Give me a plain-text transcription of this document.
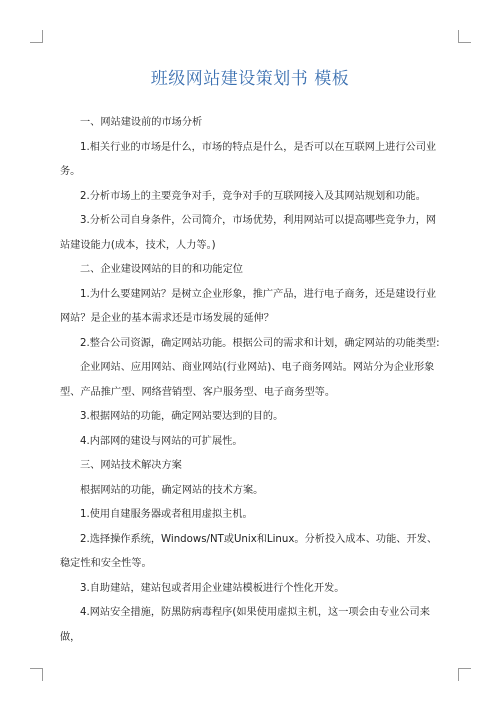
班级网站建设策划书 模板

一、网站建设前的市场分析

1.相关行业的市场是什么，市场的特点是什么，是否可以在互联网上进行公司业

务。

2.分析市场上的主要竞争对手，竞争对手的互联网接入及其网站规划和功能。

3.分析公司自身条件，公司简介，市场优势，利用网站可以提高哪些竞争力，网

站建设能力(成本，技术，人力等。)

二、企业建设网站的目的和功能定位

1.为什么要建网站？是树立企业形象，推广产品，进行电子商务，还是建设行业

网站？是企业的基本需求还是市场发展的延伸？

2.整合公司资源，确定网站功能。根据公司的需求和计划，确定网站的功能类型:

企业网站、应用网站、商业网站(行业网站)、电子商务网站。网站分为企业形象

型、产品推广型、网络营销型、客户服务型、电子商务型等。

3.根据网站的功能，确定网站要达到的目的。

4.内部网的建设与网站的可扩展性。

三、网站技术解决方案

根据网站的功能，确定网站的技术方案。

1.使用自建服务器或者租用虚拟主机。

2.选择操作系统，Windows/NT或Unix和Linux。分析投入成本、功能、开发、

稳定性和安全性等。

3.自助建站，建站包或者用企业建站模板进行个性化开发。

4.网站安全措施，防黑防病毒程序(如果使用虚拟主机，这一项会由专业公司来做，
